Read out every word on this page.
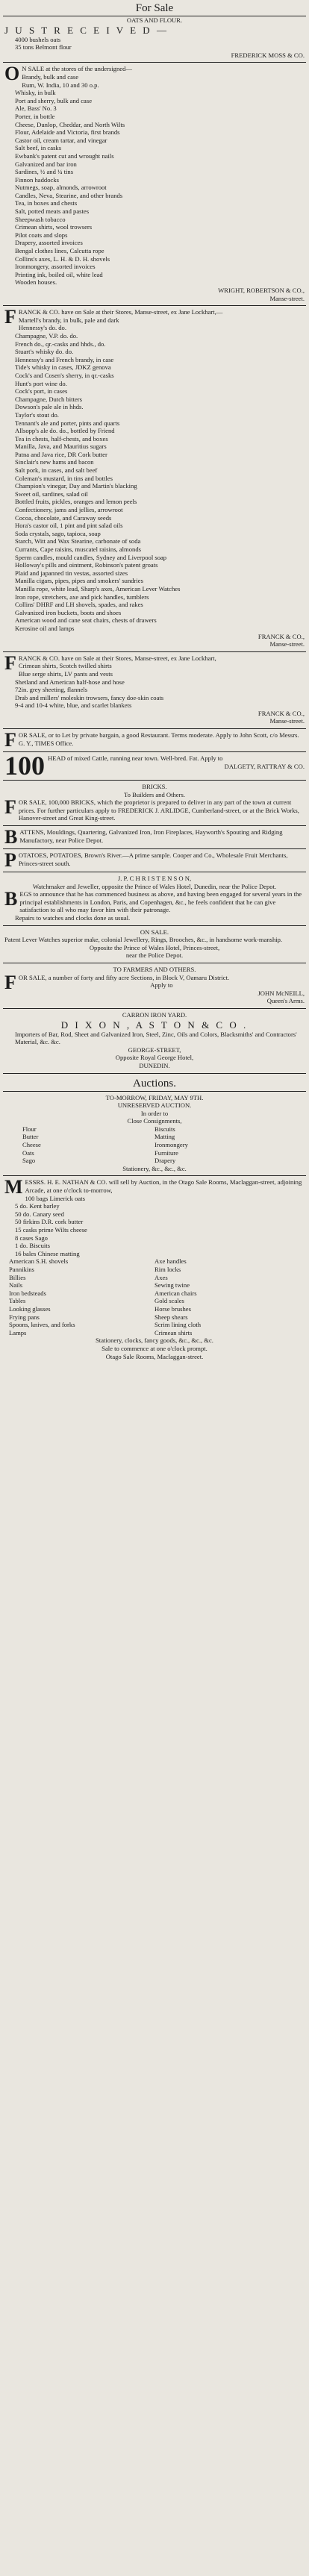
For Sale
OATS AND FLOUR.
J U S T R E C E I V E D —
4000 bushels oats
35 tons Belmont flour
FREDERICK MOSS & CO.
O N SALE at the stores of the undersigned—
Brandy, bulk and case
Rum, W. India, 10 and 30 o.p.
Whisky, in bulk
Port and sherry, bulk and case
Ale, Bass' No. 3
Porter, in bottle
Cheese, Dunlop, Cheddar, and North Wilts
Flour, Adelaide and Victoria, first brands
Castor oil, cream tartar, and vinegar
Salt beef, in casks
Ewbank's patent cut and wrought nails
Galvanized and bar iron
Sardines, ½ and ¼ tins
Finnon haddocks
Nutmegs, soap, almonds, arrowroot
Candles, Neva, Stearine, and other brands
Tea, in boxes and chests
Salt, potted meats and pastes
Sheepwash tobacco
Crimean shirts, wool trowsers
Pilot coats and slops
Drapery, assorted invoices
Bengal clothes lines, Calcutta rope
Collins's axes, L. H. & D. H. shovels
Ironmongery, assorted invoices
Printing ink, boiled oil, white lead
Wooden houses.
WRIGHT, ROBERTSON & CO.,
Manse-street.
F RANCK & CO. have on Sale at their Stores, Manse-street, ex Jane Lockhart,—
Martell's brandy, in bulk, pale and dark
Hennessy's do. do.
Champagne, V.P. do. do.
French do., qr.-casks and hhds., do.
Stuart's whisky do. do.
Hennessy's and French brandy, in case
Tide's whisky in cases, JDKZ genova
Cock's and Cosen's sherry, in qr.-casks
Hunt's port wine do.
Cock's port, in cases
Champagne, Dutch bitters
Dowson's pale ale in hhds.
Taylor's stout do.
Tennant's ale and porter, pints and quarts
Allsopp's ale do. do., bottled by Friend
Tea in chests, half-chests, and boxes
Manilla, Java, and Mauritius sugars
Patna and Java rice, DR Cork butter
Sinclair's new hams and bacon
Salt pork, in cases, and salt beef
Coleman's mustard, in tins and bottles
Champion's vinegar, Day and Martin's blacking
Sweet oil, sardines, salad oil
Bottled fruits, pickles, oranges and lemon peels
Confectionery, jams and jellies, arrowroot
Cocoa, chocolate, and Caraway seeds
Hora's castor oil, 1 pint and pint salad oils
Soda crystals, sago, tapioca, soap
Starch, Witt and Wax Stearine, carbonate of soda
Currants, Cape raisins, muscatel raisins, almonds
Sperm candles, mould candles, Sydney and Liverpool soap
Holloway's pills and ointment, Robinson's patent groats
Plaid and japanned tin vestas, assorted sizes
Manilla cigars, pipes, pipes and smokers' sundries
Manilla rope, white lead, Sharp's axes, American Lever Watches
Iron rope, stretchers, axe and pick handles, tumblers
Collins' DHRF and LH shovels, spades, and rakes
Galvanized iron buckets, boots and shoes
American wood and cane seat chairs, chests of drawers
Kerosine oil and lamps
FRANCK & CO.,
Manse-street.
F RANCK & CO. have on Sale at their Stores, Manse-street, ex Jane Lockhart,
Crimean shirts, Scotch twilled shirts
Blue serge shirts, LV pants and vests
Shetland and American half-hose and hose
72in. grey sheeting, flannels
Drab and millers' moleskin trowsers, fancy doe-skin coats
9-4 and 10-4 white, blue, and scarlet blankets
FRANCK & CO.,
Manse-street.
F OR SALE, or to Let by private bargain, a good Restaurant. Terms moderate. Apply to John Scott, c/o Messrs. G. Y., TIMES Office.
100 HEAD of mixed Cattle, running near town. Well-bred. Fat. Apply to
DALGETY, RATTRAY & CO.
BRICKS.
To Builders and Others.
F OR SALE, 100,000 BRICKS, which the proprietor is prepared to deliver in any part of the town at current prices. For further particulars apply to FREDERICK J. ARLIDGE, Cumberland-street, or at the Brick Works, Hanover-street and Great King-street.
B ATTENS, Mouldings, Quartering, Galvanized Iron, Iron Fireplaces, Hayworth's Spouting and Ridging Manufactory, near Police Depot.
P OTATOES, POTATOES, Brown's River.—A prime sample. Cooper and Co., Wholesale Fruit Merchants, Princes-street south.
J. P. C H R I S T E N S O N,
Watchmaker and Jeweller, opposite the Prince of Wales Hotel, Dunedin, near the Police Depot.
B EGS to announce that he has commenced business as above, and having been engaged for several years in the principal establishments in London, Paris, and Copenhagen, &c., he feels confident that he can give satisfaction to all who may favor him with their patronage.
Repairs to watches and clocks done as usual.
ON SALE.
Patent Lever Watches superior make, colonial Jewellery, Rings, Brooches, &c., in handsome work-manship.
Opposite the Prince of Wales Hotel, Princes-street,
near the Police Depot.
TO FARMERS AND OTHERS.
F OR SALE, a number of forty and fifty acre Sections, in Block V, Oamaru District.
Apply to
JOHN McNEILL,
Queen's Arms.
CARRON IRON YARD.
D I X O N , A S T O N & C O .
Importers of Bar, Rod, Sheet and Galvanized Iron, Steel, Zinc, Oils and Colors, Blacksmiths' and Contractors' Material, &c. &c.
GEORGE-STREET,
Opposite Royal George Hotel,
DUNEDIN.
Auctions.
TO-MORROW, FRIDAY, MAY 9TH.
UNRESERVED AUCTION.
In order to
Close Consignments,
Flour	Biscuits
Butter	Matting
Cheese	Ironmongery
Oats	Furniture
Sago	Drapery
Stationery, &c., &c., &c.
M ESSRS. H. E. NATHAN & CO. will sell by Auction, in the Otago Sale Rooms, Maclaggan-street, adjoining Arcade, at one o'clock to-morrow,
100 bags Limerick oats
5 do. Kent barley
50 do. Canary seed
50 firkins D.R. cork butter
15 casks prime Wilts cheese
8 cases Sago
1 do. Biscuits
16 bales Chinese matting
American S.H. shovels	Axe handles
Pannikins	Rim locks
Billies	Axes
Nails	Sewing twine
Iron bedsteads	American chairs
Tables	Gold scales
Looking glasses	Horse brushes
Frying pans	Sheep shears
Spoons, knives, and forks	Scrim lining cloth
Lamps	Crimean shirts
Stationery, clocks, fancy goods, &c., &c., &c.
Sale to commence at one o'clock prompt.
Otago Sale Rooms, Maclaggan-street.
